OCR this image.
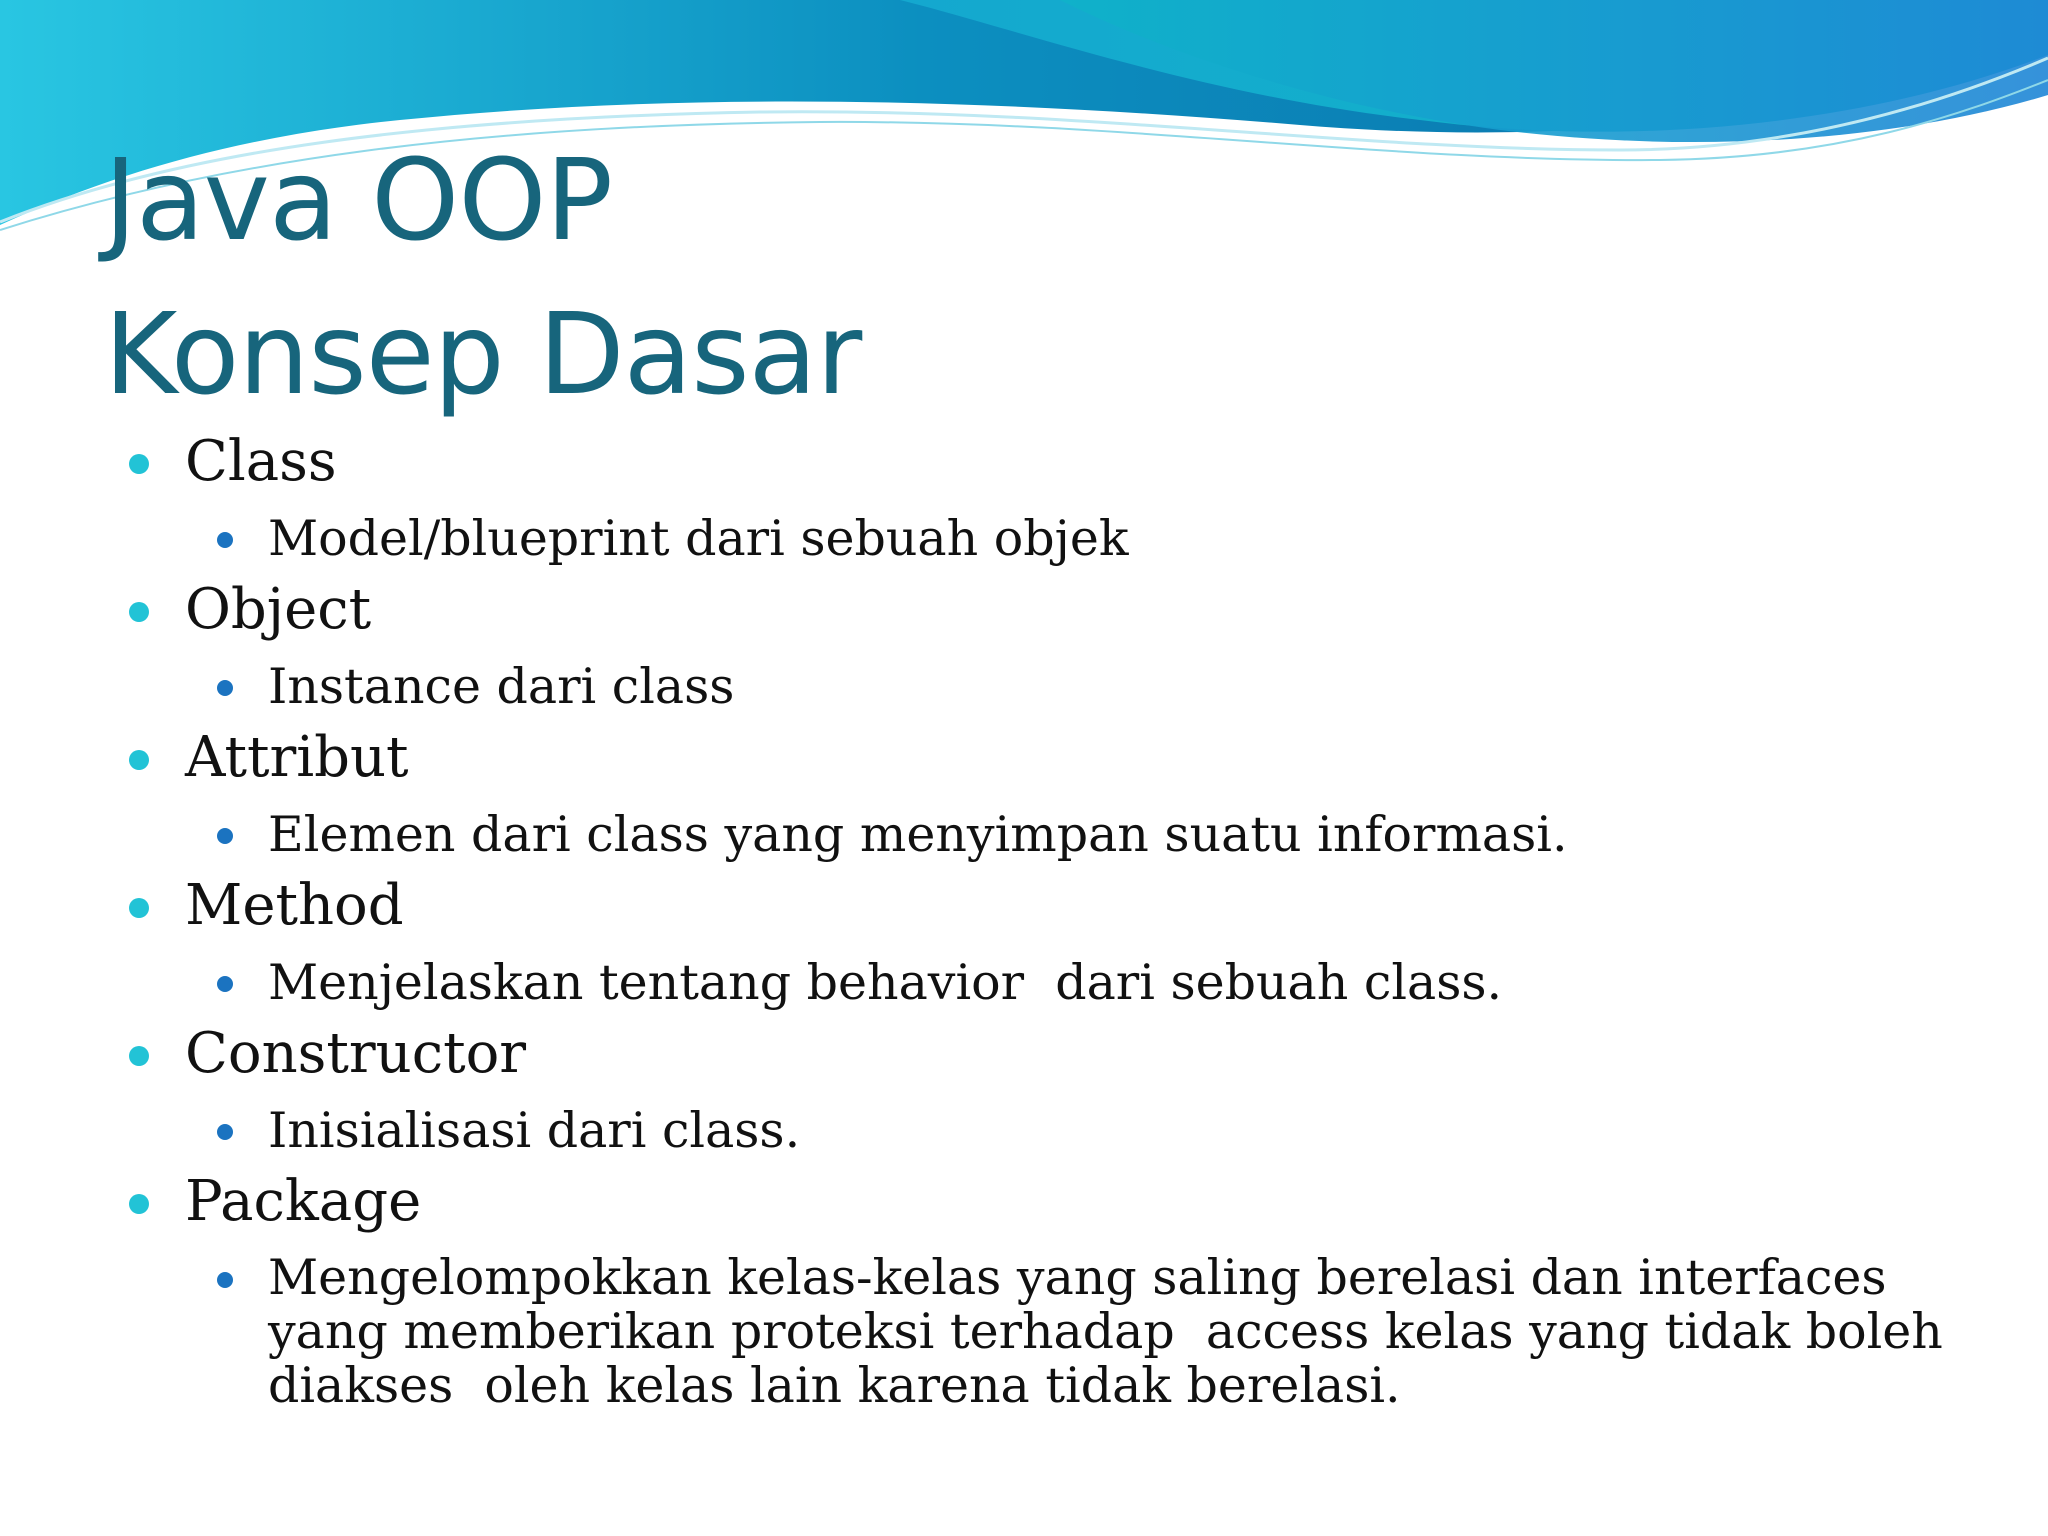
Java OOP
Konsep Dasar
Class
Model/blueprint dari sebuah objek
Object
Instance dari class
Attribut
Elemen dari class yang menyimpan suatu informasi.
Method
Menjelaskan tentang behavior  dari sebuah class.
Constructor
Inisialisasi dari class.
Package
Mengelompokkan kelas-kelas yang saling berelasi dan interfaces yang memberikan proteksi terhadap  access kelas yang tidak boleh diakses  oleh kelas lain karena tidak berelasi.
